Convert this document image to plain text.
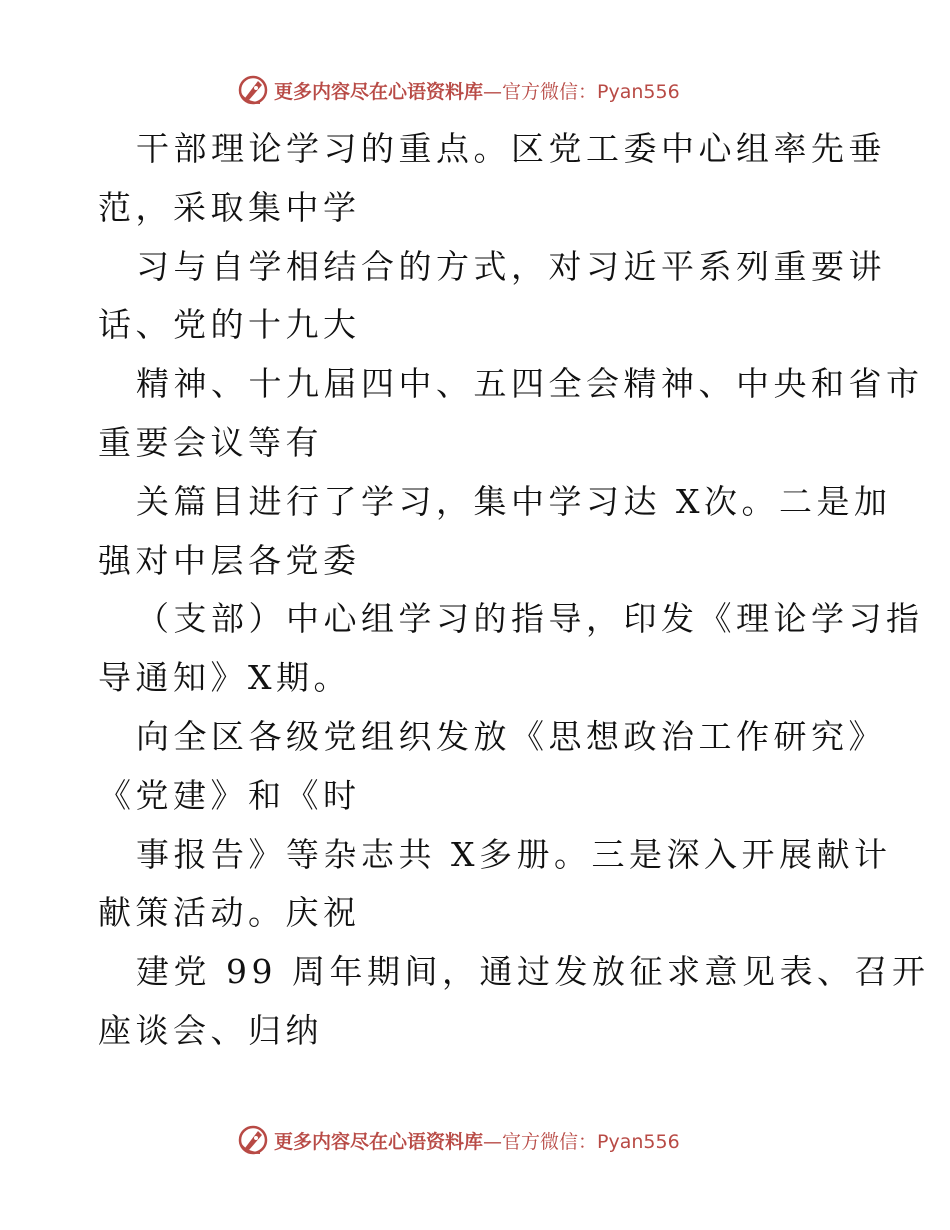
更多内容尽在心语资料库—官方微信：Pyan556
干部理论学习的重点。区党工委中心组率先垂
范，采取集中学
习与自学相结合的方式，对习近平系列重要讲
话、党的十九大
精神、十九届四中、五四全会精神、中央和省市
重要会议等有
关篇目进行了学习，集中学习达 X次。二是加
强对中层各党委
（支部）中心组学习的指导，印发《理论学习指
导通知》X期。
向全区各级党组织发放《思想政治工作研究》
《党建》和《时
事报告》等杂志共 X多册。三是深入开展献计
献策活动。庆祝
建党 99 周年期间，通过发放征求意见表、召开
座谈会、归纳
更多内容尽在心语资料库—官方微信：Pyan556
